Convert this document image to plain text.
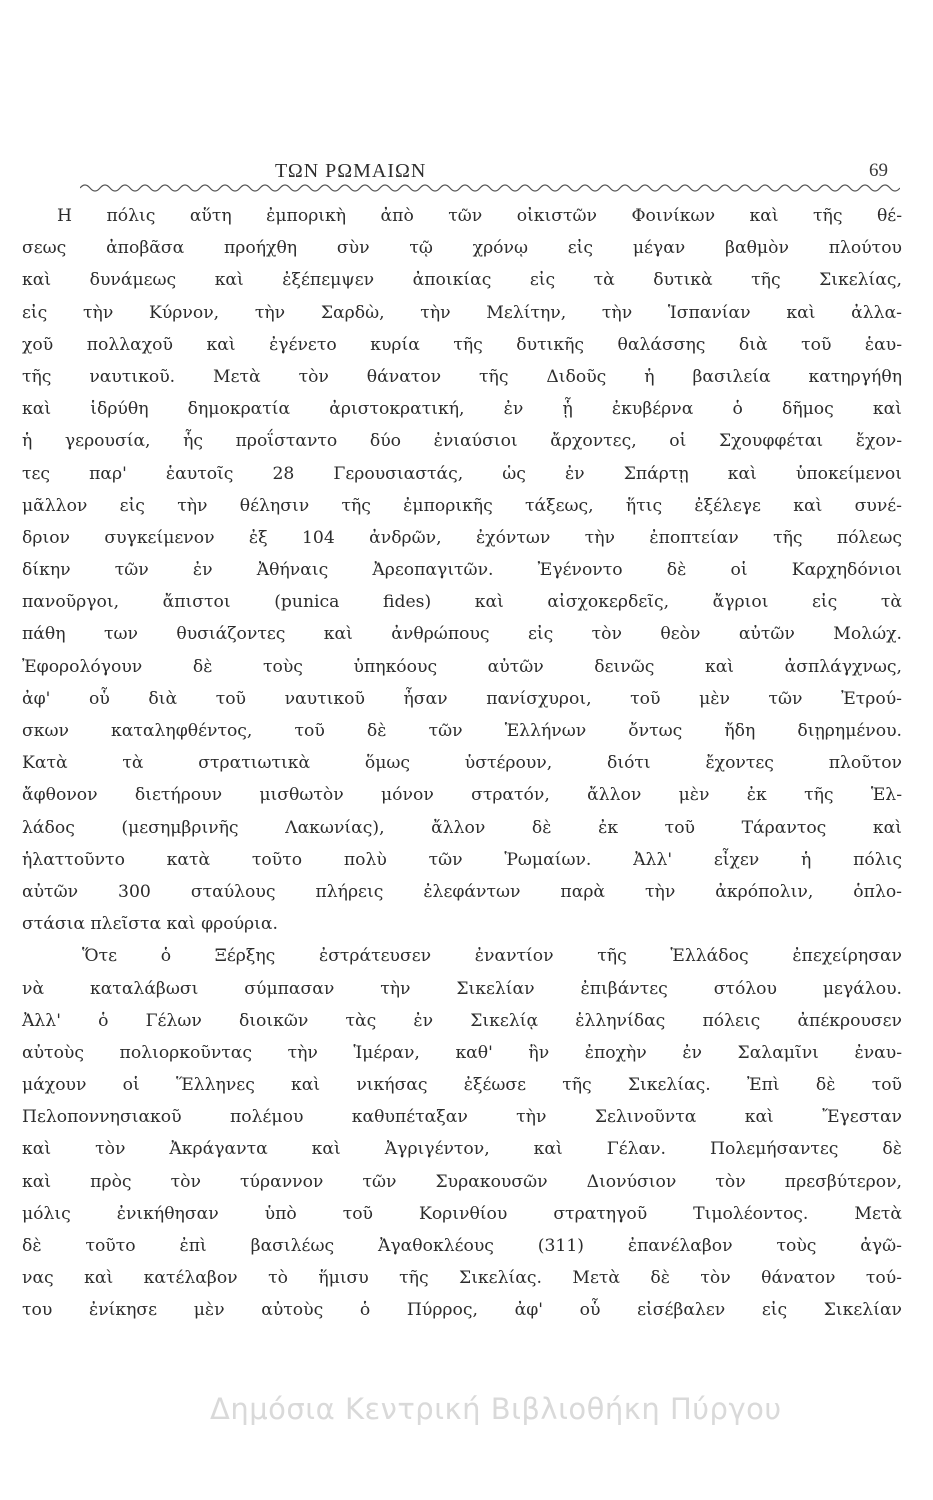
ΤΩΝ ΡΩΜΑΙΩΝ	69
Η πόλις αὕτη ἐμπορικὴ ἀπὸ τῶν οἰκιστῶν Φοινίκων καὶ τῆς θέ-
σεως ἀποβᾶσα προήχθη σὺν τῷ χρόνῳ εἰς μέγαν βαθμὸν πλούτου
καὶ δυνάμεως καὶ ἐξέπεμψεν ἀποικίας εἰς τὰ δυτικὰ τῆς Σικελίας,
εἰς τὴν Κύρνον, τὴν Σαρδὼ, τὴν Μελίτην, τὴν Ἱσπανίαν καὶ ἀλλα-
χοῦ πολλαχοῦ καὶ ἐγένετο κυρία τῆς δυτικῆς θαλάσσης διὰ τοῦ ἑαυ-
τῆς ναυτικοῦ. Μετὰ τὸν θάνατον τῆς Διδοῦς ἡ βασιλεία κατηργήθη
καὶ ἱδρύθη δημοκρατία ἀριστοκρατική, ἐν ᾗ ἐκυβέρνα ὁ δῆμος καὶ
ἡ γερουσία, ἧς προΐσταντο δύο ἐνιαύσιοι ἄρχοντες, οἱ Σχουφφέται ἔχον-
τες παρ' ἑαυτοῖς 28 Γερουσιαστάς, ὡς ἐν Σπάρτῃ καὶ ὑποκείμενοι
μᾶλλον εἰς τὴν θέλησιν τῆς ἐμπορικῆς τάξεως, ἥτις ἐξέλεγε καὶ συνέ-
δριον συγκείμενον ἐξ 104 ἀνδρῶν, ἐχόντων τὴν ἐποπτείαν τῆς πόλεως
δίκην τῶν ἐν Ἀθήναις Ἀρεοπαγιτῶν. Ἐγένοντο δὲ οἱ Καρχηδόνιοι
πανοῦργοι, ἄπιστοι (punica fides) καὶ αἰσχοκερδεῖς, ἄγριοι εἰς τὰ
πάθη των θυσιάζοντες καὶ ἀνθρώπους εἰς τὸν θεὸν αὐτῶν Μολώχ.
Ἐφορολόγουν δὲ τοὺς ὑπηκόους αὐτῶν δεινῶς καὶ ἀσπλάγχνως,
ἀφ' οὗ διὰ τοῦ ναυτικοῦ ἦσαν πανίσχυροι, τοῦ μὲν τῶν Ἐτρού-
σκων καταληφθέντος, τοῦ δὲ τῶν Ἑλλήνων ὄντως ἤδη διῃρημένου.
Κατὰ τὰ στρατιωτικὰ ὅμως ὑστέρουν, διότι ἔχοντες πλοῦτον
ἄφθονον διετήρουν μισθωτὸν μόνον στρατόν, ἄλλον μὲν ἐκ τῆς Ἑλ-
λάδος (μεσημβρινῆς Λακωνίας), ἄλλον δὲ ἐκ τοῦ Τάραντος καὶ
ἡλαττοῦντο κατὰ τοῦτο πολὺ τῶν Ῥωμαίων. Ἀλλ' εἶχεν ἡ πόλις
αὐτῶν 300 σταύλους πλήρεις ἐλεφάντων παρὰ τὴν ἀκρόπολιν, ὁπλο-
στάσια πλεῖστα καὶ φρούρια.
Ὅτε ὁ Ξέρξης ἐστράτευσεν ἐναντίον τῆς Ἑλλάδος ἐπεχείρησαν
νὰ καταλάβωσι σύμπασαν τὴν Σικελίαν ἐπιβάντες στόλου μεγάλου.
Ἀλλ' ὁ Γέλων διοικῶν τὰς ἐν Σικελίᾳ ἑλληνίδας πόλεις ἀπέκρουσεν
αὐτοὺς πολιορκοῦντας τὴν Ἱμέραν, καθ' ἣν ἐποχὴν ἐν Σαλαμῖνι ἐναυ-
μάχουν οἱ Ἕλληνες καὶ νικήσας ἐξέωσε τῆς Σικελίας. Ἐπὶ δὲ τοῦ
Πελοποννησιακοῦ πολέμου καθυπέταξαν τὴν Σελινοῦντα καὶ Ἔγεσταν
καὶ τὸν Ἀκράγαντα καὶ Ἀγριγέντον, καὶ Γέλαν. Πολεμήσαντες δὲ
καὶ πρὸς τὸν τύραννον τῶν Συρακουσῶν Διονύσιον τὸν πρεσβύτερον,
μόλις ἐνικήθησαν ὑπὸ τοῦ Κορινθίου στρατηγοῦ Τιμολέοντος. Μετὰ
δὲ τοῦτο ἐπὶ βασιλέως Ἀγαθοκλέους (311) ἐπανέλαβον τοὺς ἀγῶ-
νας καὶ κατέλαβον τὸ ἥμισυ τῆς Σικελίας. Μετὰ δὲ τὸν θάνατον τού-
του ἐνίκησε μὲν αὐτοὺς ὁ Πύρρος, ἀφ' οὗ εἰσέβαλεν εἰς Σικελίαν
Δημόσια Κεντρική Βιβλιοθήκη Πύργου
